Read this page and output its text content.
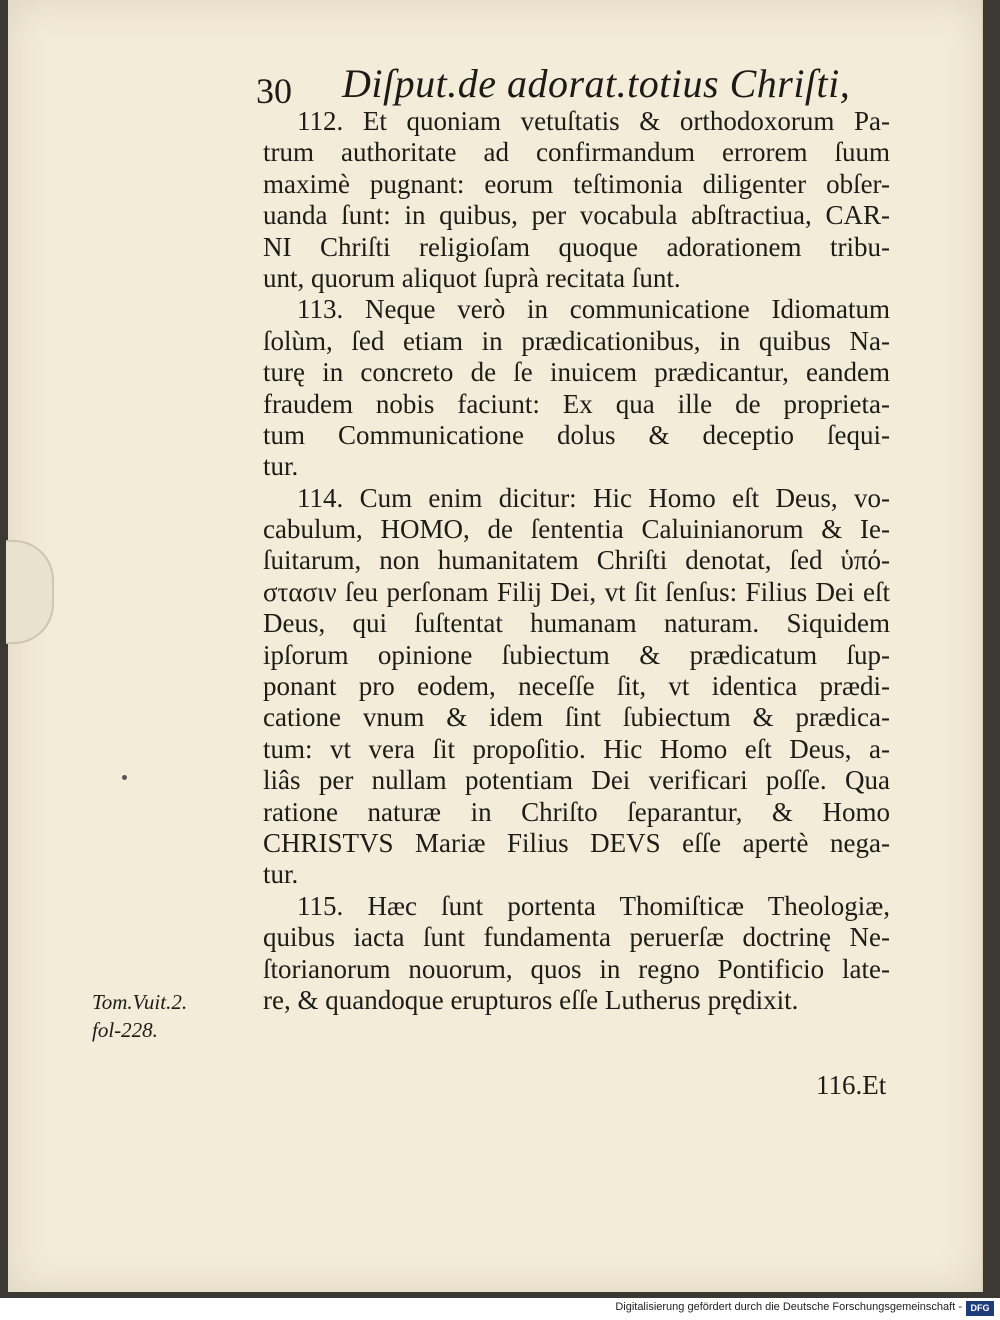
30 Diſput.de adorat.totius Chriſti,
112. Et quoniam vetuſtatis & orthodoxorum Pa-
trum authoritate ad confirmandum errorem ſuum
maximè pugnant: eorum teſtimonia diligenter obſer-
uanda ſunt: in quibus, per vocabula abſtractiua, CAR-
NI Chriſti religioſam quoque adorationem tribu-
unt, quorum aliquot ſuprà recitata ſunt.
113. Neque verò in communicatione Idiomatum
ſolùm, ſed etiam in prædicationibus, in quibus Na-
turę in concreto de ſe inuicem prædicantur, eandem
fraudem nobis faciunt: Ex qua ille de proprieta-
tum Communicatione dolus & deceptio ſequi-
tur.
114. Cum enim dicitur: Hic Homo eſt Deus, vo-
cabulum, HOMO, de ſententia Caluinianorum & Ie-
ſuitarum, non humanitatem Chriſti denotat, ſed ὑπό-
στασιν ſeu perſonam Filij Dei, vt ſit ſenſus: Filius Dei eſt
Deus, qui ſuſtentat humanam naturam. Siquidem
ipſorum opinione ſubiectum & prædicatum ſup-
ponant pro eodem, neceſſe ſit, vt identica prædi-
catione vnum & idem ſint ſubiectum & prædica-
tum: vt vera ſit propoſitio. Hic Homo eſt Deus, a-
liâs per nullam potentiam Dei verificari poſſe. Qua
ratione naturæ in Chriſto ſeparantur, & Homo
CHRISTVS Mariæ Filius DEVS eſſe apertè nega-
tur.
115. Hæc ſunt portenta Thomiſticæ Theologiæ,
quibus iacta ſunt fundamenta peruerſæ doctrinę Ne-
ſtorianorum nouorum, quos in regno Pontificio late-
re, & quandoque erupturos eſſe Lutherus prędixit.
Tom.Vuit.2.
fol-228.
116.Et
Digitalisierung gefördert durch die Deutsche Forschungsgemeinschaft - DFG
